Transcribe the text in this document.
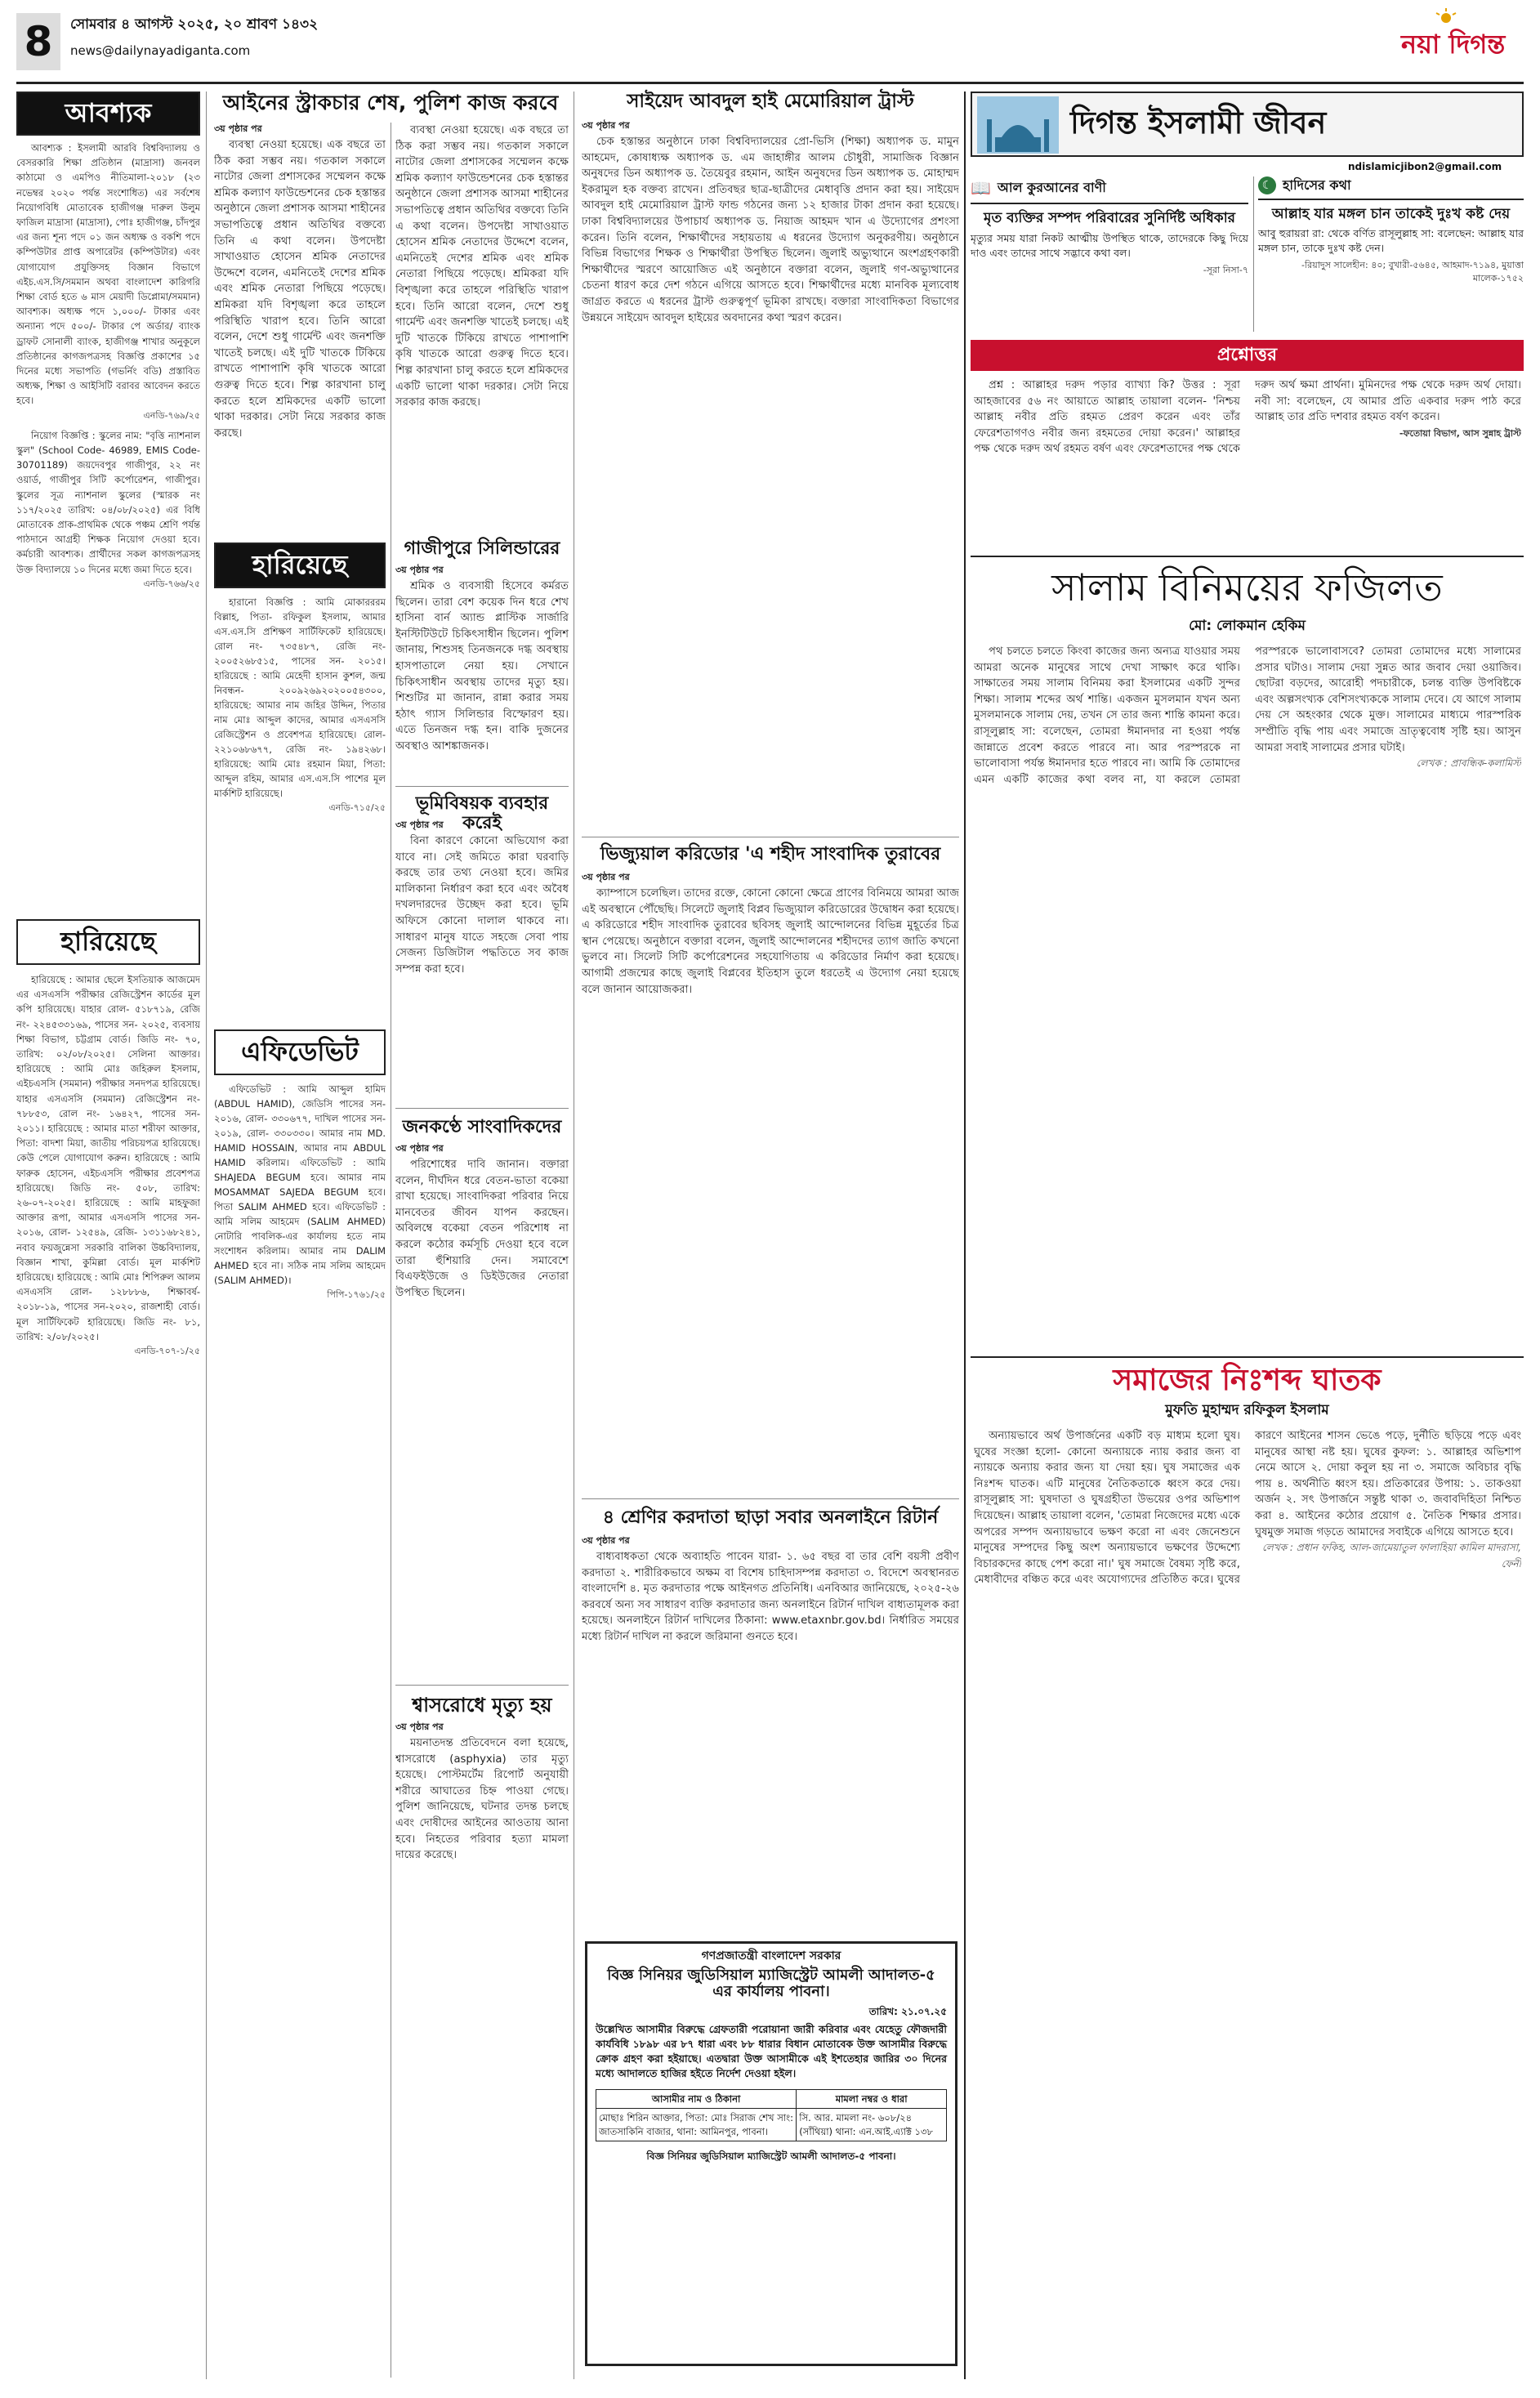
8 সোমবার ৪ আগস্ট ২০২৫, ২০ শ্রাবণ ১৪৩২
news@dailynayadiganta.com	নয়া দিগন্ত
আবশ্যক

আবশ্যক : ইসলামী আরবি বিশ্ববিদ্যালয় ও বেসরকারি শিক্ষা প্রতিষ্ঠান (মাদ্রাসা) জনবল কাঠামো ও এমপিও নীতিমালা-২০১৮ (২৩ নভেম্বর ২০২০ পর্যন্ত সংশোধিত) এর সর্বশেষ নিয়োগবিধি মোতাবেক হাজীগঞ্জ দারুল উলুম ফাজিল মাদ্রাসা (মাদ্রাসা), পোঃ হাজীগঞ্জ, চাঁদপুর এর জন্য শূন্য পদে ০১ জন অধ্যক্ষ ও বকশি পদে কম্পিউটার প্রাপ্ত অপারেটর (কম্পিউটার) এবং যোগাযোগ প্রযুক্তিসহ বিজ্ঞান বিভাগে এইচ.এস.সি/সমমান অথবা বাংলাদেশ কারিগরি শিক্ষা বোর্ড হতে ৬ মাস মেয়াদী ডিপ্লোমা/সমমান) আবশ্যক। অধ্যক্ষ পদে ১,০০০/- টাকার এবং অন্যান্য পদে ৫০০/- টাকার পে অর্ডার/ ব্যাংক ড্রাফট সোনালী ব্যাংক, হাজীগঞ্জ শাখার অনুকূলে প্রতিষ্ঠানের কাগজপত্রসহ বিজ্ঞপ্তি প্রকাশের ১৫ দিনের মধ্যে সভাপতি (গভর্নিং বডি) প্রস্তাবিত অধ্যক্ষ, শিক্ষা ও আইসিটি বরাবর আবেদন করতে হবে।

এনডি-৭৬৯/২৫

নিয়োগ বিজ্ঞপ্তি : স্কুলের নাম: "বৃত্তি ন্যাশনাল স্কুল" (School Code- 46989, EMIS Code- 30701189) জয়দেবপুর গাজীপুর, ২২ নং ওয়ার্ড, গাজীপুর সিটি কর্পোরেশন, গাজীপুর। স্কুলের সূত্র ন্যাশনাল স্কুলের (স্মারক নং ১১৭/২০২৫ তারিখ: ০৪/০৮/২০২৫) এর বিধি মোতাবেক প্রাক-প্রাথমিক থেকে পঞ্চম শ্রেণি পর্যন্ত পাঠদানে আগ্রহী শিক্ষক নিয়োগ দেওয়া হবে। কর্মচারী আবশ্যক। প্রার্থীদের সকল কাগজপত্রসহ উক্ত বিদ্যালয়ে ১০ দিনের মধ্যে জমা দিতে হবে।

এনডি-৭৬৬/২৫
হারিয়েছে

হারিয়েছে : আমার ছেলে ইসতিয়াক আজমেদ এর এসএসসি পরীক্ষার রেজিস্ট্রেশন কার্ডের মূল কপি হারিয়েছে। যাহার রোল- ৫১৮৭১৯, রেজি নং- ২২৪৫৩৩১৬৯, পাসের সন- ২০২৫, ব্যবসায় শিক্ষা বিভাগ, চট্টগ্রাম বোর্ড। জিডি নং- ৭০, তারিখ: ০২/০৮/২০২৫। সেলিনা আক্তার। হারিয়েছে : আমি মোঃ জহিরুল ইসলাম, এইচএসসি (সমমান) পরীক্ষার সনদপত্র হারিয়েছে। যাহার এসএসসি (সমমান) রেজিস্ট্রেশন নং- ৭৮৮৫৩, রোল নং- ১৬৪২৭, পাসের সন- ২০১১। হারিয়েছে : আমার মাতা শরীফা আক্তার, পিতা: বাদশা মিয়া, জাতীয় পরিচয়পত্র হারিয়েছে। কেউ পেলে যোগাযোগ করুন। হারিয়েছে : আমি ফারুক হোসেন, এইচএসসি পরীক্ষার প্রবেশপত্র হারিয়েছে। জিডি নং- ৫০৮, তারিখ: ২৬-০৭-২০২৫। হারিয়েছে : আমি মাহফুজা আক্তার রূপা, আমার এসএসসি পাসের সন- ২০১৬, রোল- ১২৫৪৯, রেজি- ১৩১১৬৮২৪১, নবাব ফয়জুন্নেসা সরকারি বালিকা উচ্চবিদ্যালয়, বিজ্ঞান শাখা, কুমিল্লা বোর্ড। মূল মার্কশিট হারিয়েছে। হারিয়েছে : আমি মোঃ শিপিরুল আলম এসএসসি রোল- ১২৮৮৮৬, শিক্ষাবর্ষ- ২০১৮-১৯, পাসের সন-২০২০, রাজশাহী বোর্ড। মূল সার্টিফিকেট হারিয়েছে। জিডি নং- ৮১, তারিখ: ২/০৮/২০২৫।

এনডি-৭০৭-১/২৫
আইনের স্ট্রাকচার শেষ, পুলিশ কাজ করবে
৩য় পৃষ্ঠার পর

ব্যবস্থা নেওয়া হয়েছে। এক বছরে তা ঠিক করা সম্ভব নয়। গতকাল সকালে নাটোর জেলা প্রশাসকের সম্মেলন কক্ষে শ্রমিক কল্যাণ ফাউন্ডেশনের চেক হস্তান্তর অনুষ্ঠানে জেলা প্রশাসক আসমা শাহীনের সভাপতিত্বে প্রধান অতিথির বক্তব্যে তিনি এ কথা বলেন। উপদেষ্টা সাখাওয়াত হোসেন শ্রমিক নেতাদের উদ্দেশে বলেন, এমনিতেই দেশের শ্রমিক এবং শ্রমিক নেতারা পিছিয়ে পড়েছে। শ্রমিকরা যদি বিশৃঙ্খলা করে তাহলে পরিস্থিতি খারাপ হবে। তিনি আরো বলেন, দেশে শুধু গার্মেন্ট এবং জনশক্তি খাতেই চলছে। এই দুটি খাতকে টিকিয়ে রাখতে পাশাপাশি কৃষি খাতকে আরো গুরুত্ব দিতে হবে। শিল্প কারখানা চালু করতে হলে শ্রমিকদের একটি ভালো থাকা দরকার। সেটা নিয়ে সরকার কাজ করছে।

হারিয়েছে

হারানো বিজ্ঞপ্তি : আমি মোকারররম বিল্লাহ, পিতা- রফিকুল ইসলাম, আমার এস.এস.সি প্রশিক্ষণ সার্টিফিকেট হারিয়েছে। রোল নং- ৭৩৫৪৮৭, রেজি নং- ২০০৫২৬৮৫১৫, পাসের সন- ২০১৫। হারিয়েছে : আমি মেহেদী হাসান কুশল, জন্ম নিবন্ধন- ২০০৯২৬৯২০২০০৫৪৩০০, হারিয়েছে: আমার নাম জহির উদ্দিন, পিতার নাম মোঃ আব্দুল কাদের, আমার এসএসসি রেজিস্ট্রেশন ও প্রবেশপত্র হারিয়েছে। রোল- ২২১০৬৮৬৭৭, রেজি নং- ১৯৪২৬৮। হারিয়েছে: আমি মোঃ রহমান মিয়া, পিতা: আব্দুল রহিম, আমার এস.এস.সি পাশের মূল মার্কশিট হারিয়েছে।

এনডি-৭১৫/২৫
এফিডেভিট

এফিডেভিট : আমি আব্দুল হামিদ (ABDUL HAMID), জেডিসি পাসের সন- ২০১৬, রোল- ৩৩০৬৭৭, দাখিল পাসের সন- ২০১৯, রোল- ৩৩০৩৩০। আমার নাম MD. HAMID HOSSAIN, আমার নাম ABDUL HAMID করিলাম। এফিডেভিট : আমি SHAJEDA BEGUM হবে। আমার নাম MOSAMMAT SAJEDA BEGUM হবে। পিতা SALIM AHMED হবে। এফিডেভিট : আমি সলিম আহমেদ (SALIM AHMED) নোটারি পাবলিক-এর কার্যালয় হতে নাম সংশোধন করিলাম। আমার নাম DALIM AHMED হবে না। সঠিক নাম সলিম আহমেদ (SALIM AHMED)।

পিপি-১৭৬১/২৫

ব্যবস্থা নেওয়া হয়েছে। এক বছরে তা ঠিক করা সম্ভব নয়। গতকাল সকালে নাটোর জেলা প্রশাসকের সম্মেলন কক্ষে শ্রমিক কল্যাণ ফাউন্ডেশনের চেক হস্তান্তর অনুষ্ঠানে জেলা প্রশাসক আসমা শাহীনের সভাপতিত্বে প্রধান অতিথির বক্তব্যে তিনি এ কথা বলেন। উপদেষ্টা সাখাওয়াত হোসেন শ্রমিক নেতাদের উদ্দেশে বলেন, এমনিতেই দেশের শ্রমিক এবং শ্রমিক নেতারা পিছিয়ে পড়েছে। শ্রমিকরা যদি বিশৃঙ্খলা করে তাহলে পরিস্থিতি খারাপ হবে। তিনি আরো বলেন, দেশে শুধু গার্মেন্ট এবং জনশক্তি খাতেই চলছে। এই দুটি খাতকে টিকিয়ে রাখতে পাশাপাশি কৃষি খাতকে আরো গুরুত্ব দিতে হবে। শিল্প কারখানা চালু করতে হলে শ্রমিকদের একটি ভালো থাকা দরকার। সেটা নিয়ে সরকার কাজ করছে।

গাজীপুরে সিলিন্ডারের
৩য় পৃষ্ঠার পর

শ্রমিক ও ব্যবসায়ী হিসেবে কর্মরত ছিলেন। তারা বেশ কয়েক দিন ধরে শেখ হাসিনা বার্ন অ্যান্ড প্লাস্টিক সার্জারি ইনস্টিটিউটে চিকিৎসাধীন ছিলেন। পুলিশ জানায়, শিশুসহ তিনজনকে দগ্ধ অবস্থায় হাসপাতালে নেয়া হয়। সেখানে চিকিৎসাধীন অবস্থায় তাদের মৃত্যু হয়। শিশুটির মা জানান, রান্না করার সময় হঠাৎ গ্যাস সিলিন্ডার বিস্ফোরণ হয়। এতে তিনজন দগ্ধ হন। বাকি দুজনের অবস্থাও আশঙ্কাজনক।

ভূমিবিষয়ক ব্যবহার করেই
৩য় পৃষ্ঠার পর

বিনা কারণে কোনো অভিযোগ করা যাবে না। সেই জমিতে কারা ঘরবাড়ি করছে তার তথ্য নেওয়া হবে। জমির মালিকানা নির্ধারণ করা হবে এবং অবৈধ দখলদারদের উচ্ছেদ করা হবে। ভূমি অফিসে কোনো দালাল থাকবে না। সাধারণ মানুষ যাতে সহজে সেবা পায় সেজন্য ডিজিটাল পদ্ধতিতে সব কাজ সম্পন্ন করা হবে।

জনকণ্ঠে সাংবাদিকদের
৩য় পৃষ্ঠার পর

পরিশোধের দাবি জানান। বক্তারা বলেন, দীর্ঘদিন ধরে বেতন-ভাতা বকেয়া রাখা হয়েছে। সাংবাদিকরা পরিবার নিয়ে মানবেতর জীবন যাপন করছেন। অবিলম্বে বকেয়া বেতন পরিশোধ না করলে কঠোর কর্মসূচি দেওয়া হবে বলে তারা হুঁশিয়ারি দেন। সমাবেশে বিএফইউজে ও ডিইউজের নেতারা উপস্থিত ছিলেন।

শ্বাসরোধে মৃত্যু হয়
৩য় পৃষ্ঠার পর

ময়নাতদন্ত প্রতিবেদনে বলা হয়েছে, শ্বাসরোধে (asphyxia) তার মৃত্যু হয়েছে। পোস্টমর্টেম রিপোর্ট অনুযায়ী শরীরে আঘাতের চিহ্ন পাওয়া গেছে। পুলিশ জানিয়েছে, ঘটনার তদন্ত চলছে এবং দোষীদের আইনের আওতায় আনা হবে। নিহতের পরিবার হত্যা মামলা দায়ের করেছে।

সাইয়েদ আবদুল হাই মেমোরিয়াল ট্রাস্ট
৩য় পৃষ্ঠার পর

চেক হস্তান্তর অনুষ্ঠানে ঢাকা বিশ্ববিদ্যালয়ের প্রো-ভিসি (শিক্ষা) অধ্যাপক ড. মামুন আহমেদ, কোষাধ্যক্ষ অধ্যাপক ড. এম জাহাঙ্গীর আলম চৌধুরী, সামাজিক বিজ্ঞান অনুষদের ডিন অধ্যাপক ড. তৈয়েবুর রহমান, আইন অনুষদের ডিন অধ্যাপক ড. মোহাম্মদ ইকরামুল হক বক্তব্য রাখেন। প্রতিবছর ছাত্র-ছাত্রীদের মেধাবৃত্তি প্রদান করা হয়। সাইয়েদ আবদুল হাই মেমোরিয়াল ট্রাস্ট ফান্ড গঠনের জন্য ১২ হাজার টাকা প্রদান করা হয়েছে। ঢাকা বিশ্ববিদ্যালয়ের উপাচার্য অধ্যাপক ড. নিয়াজ আহমদ খান এ উদ্যোগের প্রশংসা করেন। তিনি বলেন, শিক্ষার্থীদের সহায়তায় এ ধরনের উদ্যোগ অনুকরণীয়। অনুষ্ঠানে বিভিন্ন বিভাগের শিক্ষক ও শিক্ষার্থীরা উপস্থিত ছিলেন। জুলাই অভ্যুত্থানে অংশগ্রহণকারী শিক্ষার্থীদের স্মরণে আয়োজিত এই অনুষ্ঠানে বক্তারা বলেন, জুলাই গণ-অভ্যুত্থানের চেতনা ধারণ করে দেশ গঠনে এগিয়ে আসতে হবে। শিক্ষার্থীদের মধ্যে মানবিক মূল্যবোধ জাগ্রত করতে এ ধরনের ট্রাস্ট গুরুত্বপূর্ণ ভূমিকা রাখছে। বক্তারা সাংবাদিকতা বিভাগের উন্নয়নে সাইয়েদ আবদুল হাইয়ের অবদানের কথা স্মরণ করেন।

ভিজ্যুয়াল করিডোর 'এ শহীদ সাংবাদিক তুরাবের
৩য় পৃষ্ঠার পর

ক্যাম্পাসে চলেছিল। তাদের রক্তে, কোনো কোনো ক্ষেত্রে প্রাণের বিনিময়ে আমরা আজ এই অবস্থানে পৌঁছেছি। সিলেটে জুলাই বিপ্লব ভিজ্যুয়াল করিডোরের উদ্বোধন করা হয়েছে। এ করিডোরে শহীদ সাংবাদিক তুরাবের ছবিসহ জুলাই আন্দোলনের বিভিন্ন মুহূর্তের চিত্র স্থান পেয়েছে। অনুষ্ঠানে বক্তারা বলেন, জুলাই আন্দোলনের শহীদদের ত্যাগ জাতি কখনো ভুলবে না। সিলেট সিটি কর্পোরেশনের সহযোগিতায় এ করিডোর নির্মাণ করা হয়েছে। আগামী প্রজন্মের কাছে জুলাই বিপ্লবের ইতিহাস তুলে ধরতেই এ উদ্যোগ নেয়া হয়েছে বলে জানান আয়োজকরা।

৪ শ্রেণির করদাতা ছাড়া সবার অনলাইনে রিটার্ন
৩য় পৃষ্ঠার পর

বাধ্যবাধকতা থেকে অব্যাহতি পাবেন যারা- ১. ৬৫ বছর বা তার বেশি বয়সী প্রবীণ করদাতা ২. শারীরিকভাবে অক্ষম বা বিশেষ চাহিদাসম্পন্ন করদাতা ৩. বিদেশে অবস্থানরত বাংলাদেশি ৪. মৃত করদাতার পক্ষে আইনগত প্রতিনিধি। এনবিআর জানিয়েছে, ২০২৫-২৬ করবর্ষে অন্য সব সাধারণ ব্যক্তি করদাতার জন্য অনলাইনে রিটার্ন দাখিল বাধ্যতামূলক করা হয়েছে। অনলাইনে রিটার্ন দাখিলের ঠিকানা: www.etaxnbr.gov.bd। নির্ধারিত সময়ের মধ্যে রিটার্ন দাখিল না করলে জরিমানা গুনতে হবে।

গণপ্রজাতন্ত্রী বাংলাদেশ সরকার
বিজ্ঞ সিনিয়র জুডিসিয়াল ম্যাজিস্ট্রেট আমলী আদালত-৫ এর কার্যালয় পাবনা।
তারিখ: ২১.০৭.২৫
উল্লেখিত আসামীর বিরুদ্ধে গ্রেফতারী পরোয়ানা জারী করিবার এবং যেহেতু ফৌজদারী কার্যবিধি ১৮৯৮ এর ৮৭ ধারা এবং ৮৮ ধারার বিধান মোতাবেক উক্ত আসামীর বিরুদ্ধে ক্রোক গ্রহণ করা হইয়াছে। এতদ্বারা উক্ত আসামীকে এই ইশতেহার জারির ৩০ দিনের মধ্যে আদালতে হাজির হইতে নির্দেশ দেওয়া হইল।
আসামীর নাম ও ঠিকানা	মামলা নম্বর ও ধারা
মোছাঃ শিরিন আক্তার, পিতা: মোঃ সিরাজ শেখ সাং: জাতসাকিনি বাজার, থানা: আমিনপুর, পাবনা।	সি. আর. মামলা নং- ৬০৮/২৪ (সাঁথিয়া) থানা: এন.আই.এ্যাক্ট ১৩৮
বিজ্ঞ সিনিয়র জুডিসিয়াল ম্যাজিস্ট্রেট আমলী আদালত-৫ পাবনা।
দিগন্ত ইসলামী জীবন
ndislamicjibon2@gmail.com
📖 আল কুরআনের বাণী
মৃত ব্যক্তির সম্পদ পরিবারের সুনির্দিষ্ট অধিকার
মৃত্যুর সময় যারা নিকট আত্মীয় উপস্থিত থাকে, তাদেরকে কিছু দিয়ে দাও এবং তাদের সাথে সদ্ভাবে কথা বল।
-সূরা নিসা-৭
☾ হাদিসের কথা
আল্লাহ যার মঙ্গল চান তাকেই দুঃখ কষ্ট দেয়
আবু হুরায়রা রা: থেকে বর্ণিত রাসূলুল্লাহ সা: বলেছেন: আল্লাহ যার মঙ্গল চান, তাকে দুঃখ কষ্ট দেন।
-রিয়াদুস সালেহীন: ৪০; বুখারী-৫৬৪৫, আহমাদ-৭১৯৪, মুয়াত্তা মালেক-১৭৫২
প্রশ্নোত্তর

প্রশ্ন : আল্লাহর দরুদ পড়ার ব্যাখ্যা কি? উত্তর : সূরা আহজাবের ৫৬ নং আয়াতে আল্লাহ তায়ালা বলেন- 'নিশ্চয় আল্লাহ নবীর প্রতি রহমত প্রেরণ করেন এবং তাঁর ফেরেশতাগণও নবীর জন্য রহমতের দোয়া করেন।' আল্লাহর পক্ষ থেকে দরুদ অর্থ রহমত বর্ষণ এবং ফেরেশতাদের পক্ষ থেকে দরুদ অর্থ ক্ষমা প্রার্থনা। মুমিনদের পক্ষ থেকে দরুদ অর্থ দোয়া। নবী সা: বলেছেন, যে আমার প্রতি একবার দরুদ পাঠ করে আল্লাহ তার প্রতি দশবার রহমত বর্ষণ করেন।

-ফতোয়া বিভাগ, আস সুন্নাহ ট্রাস্ট
সালাম বিনিময়ের ফজিলত
মো: লোকমান হেকিম

পথ চলতে চলতে কিংবা কাজের জন্য অন্যত্র যাওয়ার সময় আমরা অনেক মানুষের সাথে দেখা সাক্ষাৎ করে থাকি। সাক্ষাতের সময় সালাম বিনিময় করা ইসলামের একটি সুন্দর শিক্ষা। সালাম শব্দের অর্থ শান্তি। একজন মুসলমান যখন অন্য মুসলমানকে সালাম দেয়, তখন সে তার জন্য শান্তি কামনা করে। রাসূলুল্লাহ সা: বলেছেন, তোমরা ঈমানদার না হওয়া পর্যন্ত জান্নাতে প্রবেশ করতে পারবে না। আর পরস্পরকে না ভালোবাসা পর্যন্ত ঈমানদার হতে পারবে না। আমি কি তোমাদের এমন একটি কাজের কথা বলব না, যা করলে তোমরা পরস্পরকে ভালোবাসবে? তোমরা তোমাদের মধ্যে সালামের প্রসার ঘটাও। সালাম দেয়া সুন্নত আর জবাব দেয়া ওয়াজিব। ছোটরা বড়দের, আরোহী পদচারীকে, চলন্ত ব্যক্তি উপবিষ্টকে এবং অল্পসংখ্যক বেশিসংখ্যককে সালাম দেবে। যে আগে সালাম দেয় সে অহংকার থেকে মুক্ত। সালামের মাধ্যমে পারস্পরিক সম্প্রীতি বৃদ্ধি পায় এবং সমাজে ভ্রাতৃত্ববোধ সৃষ্টি হয়। আসুন আমরা সবাই সালামের প্রসার ঘটাই।

লেখক : প্রাবন্ধিক-কলামিস্ট
সমাজের নিঃশব্দ ঘাতক
মুফতি মুহাম্মদ রফিকুল ইসলাম

অন্যায়ভাবে অর্থ উপার্জনের একটি বড় মাধ্যম হলো ঘুষ। ঘুষের সংজ্ঞা হলো- কোনো অন্যায়কে ন্যায় করার জন্য বা ন্যায়কে অন্যায় করার জন্য যা দেয়া হয়। ঘুষ সমাজের এক নিঃশব্দ ঘাতক। এটি মানুষের নৈতিকতাকে ধ্বংস করে দেয়। রাসূলুল্লাহ সা: ঘুষদাতা ও ঘুষগ্রহীতা উভয়ের ওপর অভিশাপ দিয়েছেন। আল্লাহ তায়ালা বলেন, 'তোমরা নিজেদের মধ্যে একে অপরের সম্পদ অন্যায়ভাবে ভক্ষণ করো না এবং জেনেশুনে মানুষের সম্পদের কিছু অংশ অন্যায়ভাবে ভক্ষণের উদ্দেশ্যে বিচারকদের কাছে পেশ করো না।' ঘুষ সমাজে বৈষম্য সৃষ্টি করে, মেধাবীদের বঞ্চিত করে এবং অযোগ্যদের প্রতিষ্ঠিত করে। ঘুষের কারণে আইনের শাসন ভেঙে পড়ে, দুর্নীতি ছড়িয়ে পড়ে এবং মানুষের আস্থা নষ্ট হয়। ঘুষের কুফল: ১. আল্লাহর অভিশাপ নেমে আসে ২. দোয়া কবুল হয় না ৩. সমাজে অবিচার বৃদ্ধি পায় ৪. অর্থনীতি ধ্বংস হয়। প্রতিকারের উপায়: ১. তাকওয়া অর্জন ২. সৎ উপার্জনে সন্তুষ্ট থাকা ৩. জবাবদিহিতা নিশ্চিত করা ৪. আইনের কঠোর প্রয়োগ ৫. নৈতিক শিক্ষার প্রসার। ঘুষমুক্ত সমাজ গড়তে আমাদের সবাইকে এগিয়ে আসতে হবে।

লেখক : প্রধান ফকিহ, আল-জামেয়াতুল ফালাহিয়া কামিল মাদরাসা, ফেনী
